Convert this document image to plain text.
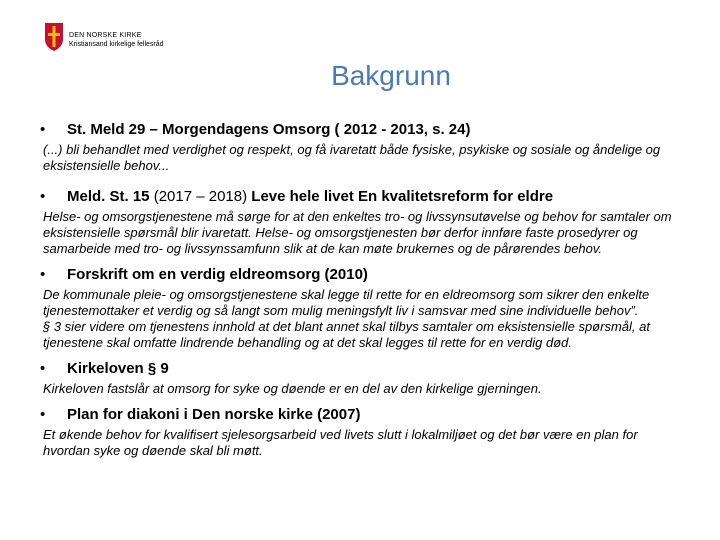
DEN NORSKE KIRKE
Kristiansand kirkelige fellesråd
Bakgrunn

• St. Meld 29 – Morgendagens Omsorg ( 2012 - 2013, s. 24)

(...) bli behandlet med verdighet og respekt, og få ivaretatt både fysiske, psykiske og sosiale og åndelige og eksistensielle behov...

• Meld. St. 15 (2017 – 2018) Leve hele livet En kvalitetsreform for eldre

Helse- og omsorgstjenestene må sørge for at den enkeltes tro- og livssynsutøvelse og behov for samtaler om eksistensielle spørsmål blir ivaretatt. Helse- og omsorgstjenesten bør derfor innføre faste prosedyrer og samarbeide med tro- og livssynssamfunn slik at de kan møte brukernes og de pårørendes behov.

• Forskrift om en verdig eldreomsorg (2010)

De kommunale pleie- og omsorgstjenestene skal legge til rette for en eldreomsorg som sikrer den enkelte tjenestemottaker et verdig og så langt som mulig meningsfylt liv i samsvar med sine individuelle behov”.

§ 3 sier videre om tjenestens innhold at det blant annet skal tilbys samtaler om eksistensielle spørsmål, at tjenestene skal omfatte lindrende behandling og at det skal legges til rette for en verdig død.

• Kirkeloven § 9

Kirkeloven fastslår at omsorg for syke og døende er en del av den kirkelige gjerningen.

• Plan for diakoni i Den norske kirke (2007)

Et økende behov for kvalifisert sjelesorgsarbeid ved livets slutt i lokalmiljøet og det bør være en plan for hvordan syke og døende skal bli møtt.
